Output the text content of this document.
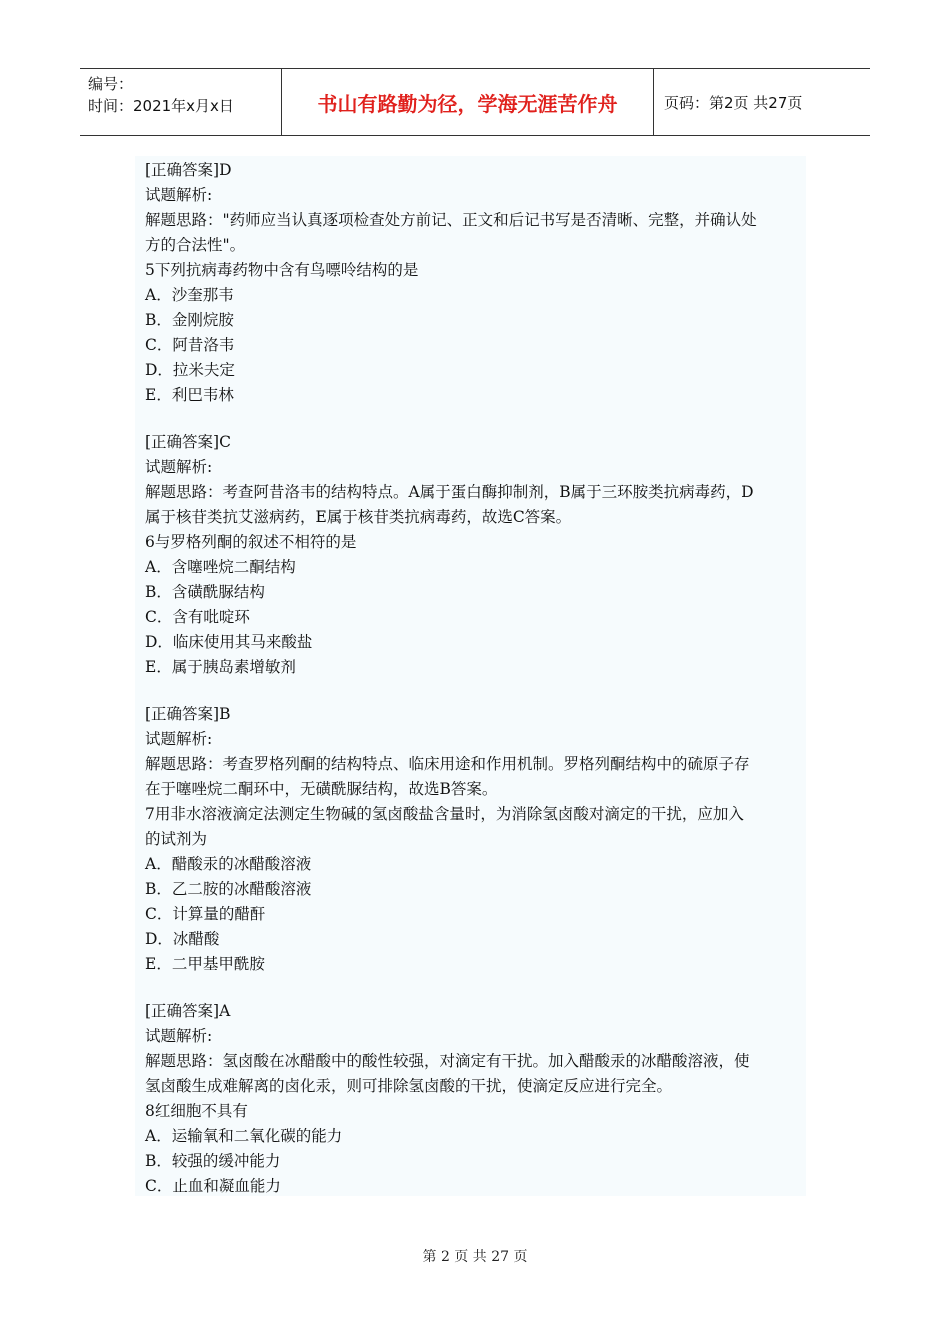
编号：
时间：2021年x月x日	书山有路勤为径，学海无涯苦作舟	页码：第2页 共27页
[正确答案]D
试题解析:
解题思路："药师应当认真逐项检查处方前记、正文和后记书写是否清晰、完整，并确认处
方的合法性"。
5下列抗病毒药物中含有鸟嘌呤结构的是
A．沙奎那韦
B．金刚烷胺
C．阿昔洛韦
D．拉米夫定
E．利巴韦林
[正确答案]C
试题解析:
解题思路：考查阿昔洛韦的结构特点。A属于蛋白酶抑制剂，B属于三环胺类抗病毒药，D
属于核苷类抗艾滋病药，E属于核苷类抗病毒药，故选C答案。
6与罗格列酮的叙述不相符的是
A．含噻唑烷二酮结构
B．含磺酰脲结构
C．含有吡啶环
D．临床使用其马来酸盐
E．属于胰岛素增敏剂
[正确答案]B
试题解析:
解题思路：考查罗格列酮的结构特点、临床用途和作用机制。罗格列酮结构中的硫原子存
在于噻唑烷二酮环中，无磺酰脲结构，故选B答案。
7用非水溶液滴定法测定生物碱的氢卤酸盐含量时，为消除氢卤酸对滴定的干扰，应加入
的试剂为
A．醋酸汞的冰醋酸溶液
B．乙二胺的冰醋酸溶液
C．计算量的醋酐
D．冰醋酸
E．二甲基甲酰胺
[正确答案]A
试题解析:
解题思路：氢卤酸在冰醋酸中的酸性较强，对滴定有干扰。加入醋酸汞的冰醋酸溶液，使
氢卤酸生成难解离的卤化汞，则可排除氢卤酸的干扰，使滴定反应进行完全。
8红细胞不具有
A．运输氧和二氧化碳的能力
B．较强的缓冲能力
C．止血和凝血能力
第 2 页 共 27 页
